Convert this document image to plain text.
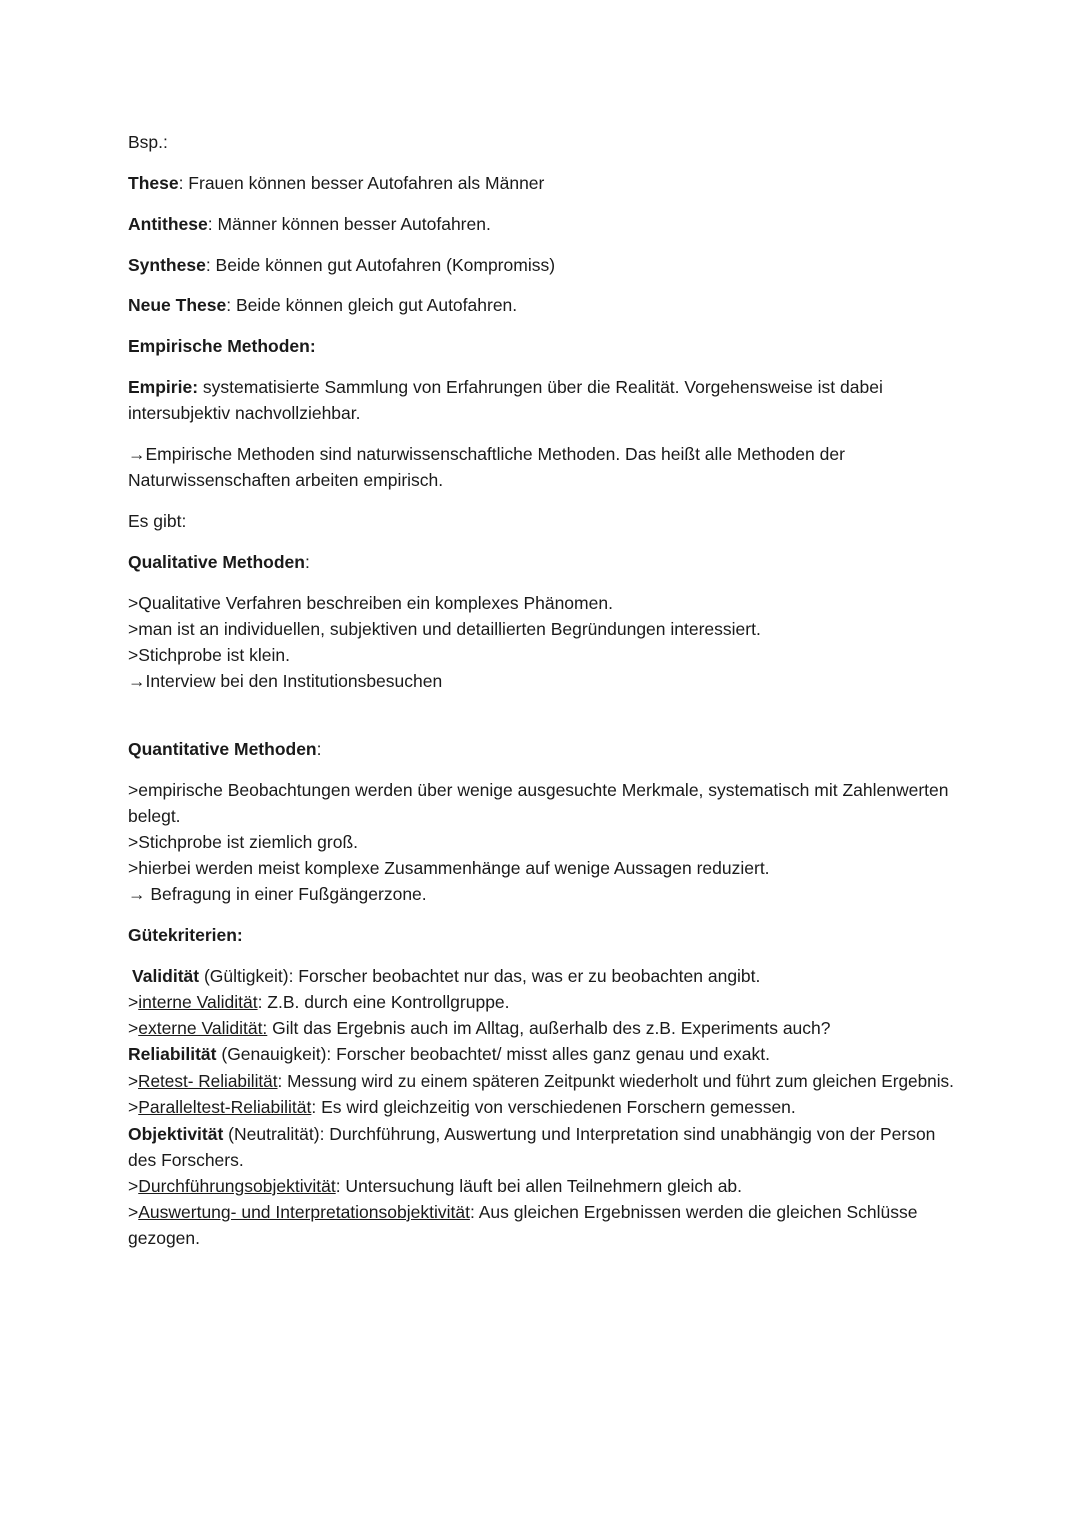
Bsp.:
These: Frauen können besser Autofahren als Männer
Antithese: Männer können besser Autofahren.
Synthese: Beide können gut Autofahren (Kompromiss)
Neue These: Beide können gleich gut Autofahren.
Empirische Methoden:
Empirie: systematisierte Sammlung von Erfahrungen über die Realität. Vorgehensweise ist dabei
intersubjektiv nachvollziehbar.
→Empirische Methoden sind naturwissenschaftliche Methoden. Das heißt alle Methoden der
Naturwissenschaften arbeiten empirisch.
Es gibt:
Qualitative Methoden:
>Qualitative Verfahren beschreiben ein komplexes Phänomen.
>man ist an individuellen, subjektiven und detaillierten Begründungen interessiert.
>Stichprobe ist klein.
→Interview bei den Institutionsbesuchen
Quantitative Methoden:
>empirische Beobachtungen werden über wenige ausgesuchte Merkmale, systematisch mit Zahlenwerten
belegt.
>Stichprobe ist ziemlich groß.
>hierbei werden meist komplexe Zusammenhänge auf wenige Aussagen reduziert.
→ Befragung in einer Fußgängerzone.
Gütekriterien:
Validität (Gültigkeit): Forscher beobachtet nur das, was er zu beobachten angibt.
>interne Validität: Z.B. durch eine Kontrollgruppe.
>externe Validität: Gilt das Ergebnis auch im Alltag, außerhalb des z.B. Experiments auch?
Reliabilität (Genauigkeit): Forscher beobachtet/ misst alles ganz genau und exakt.
>Retest- Reliabilität: Messung wird zu einem späteren Zeitpunkt wiederholt und führt zum gleichen Ergebnis.
>Paralleltest-Reliabilität: Es wird gleichzeitig von verschiedenen Forschern gemessen.
Objektivität (Neutralität): Durchführung, Auswertung und Interpretation sind unabhängig von der Person
des Forschers.
>Durchführungsobjektivität: Untersuchung läuft bei allen Teilnehmern gleich ab.
>Auswertung- und Interpretationsobjektivität: Aus gleichen Ergebnissen werden die gleichen Schlüsse
gezogen.
